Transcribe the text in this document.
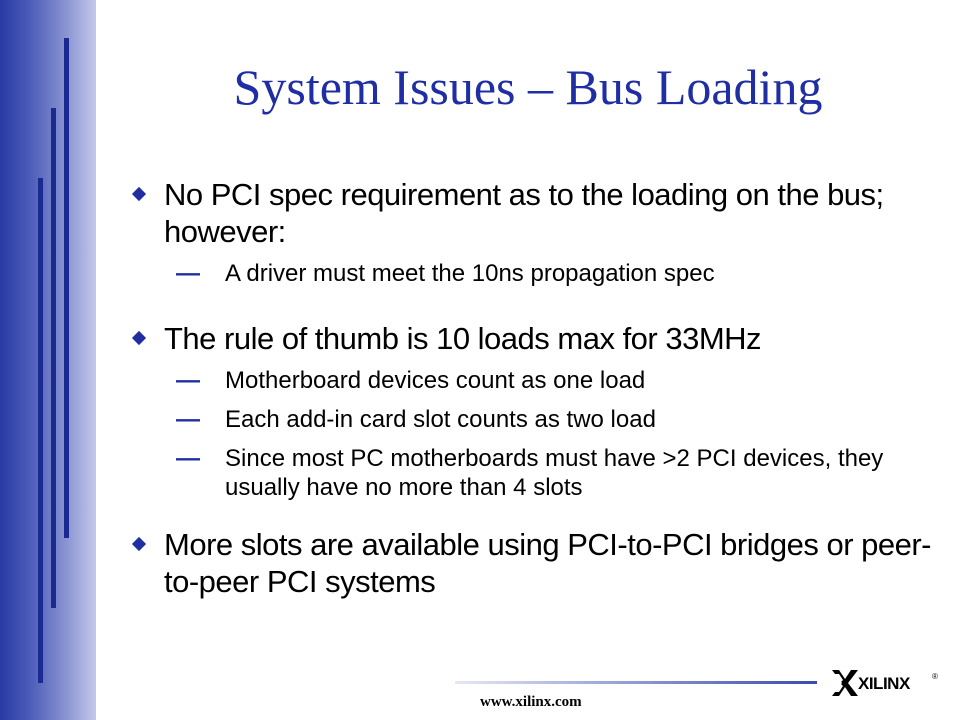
System Issues – Bus Loading
No PCI spec requirement as to the loading on the bus; however:
— A driver must meet the 10ns propagation spec
The rule of thumb is 10 loads max for 33MHz
— Motherboard devices count as one load
— Each add-in card slot counts as two load
— Since most PC motherboards must have >2 PCI devices, they usually have no more than 4 slots
More slots are available using PCI-to-PCI bridges or peer-to-peer PCI systems
www.xilinx.com
XILINX	®
